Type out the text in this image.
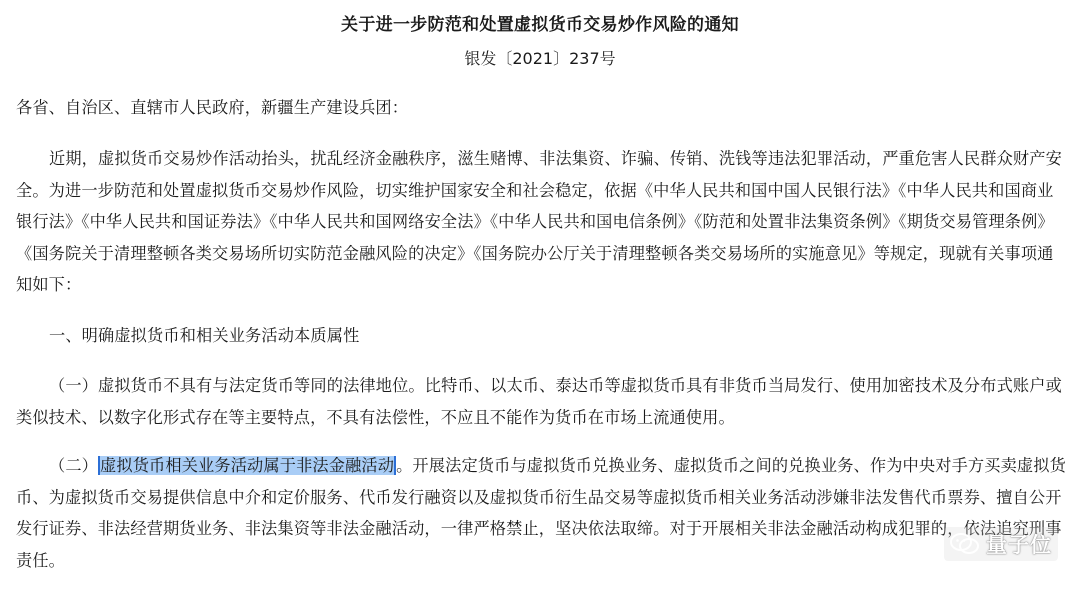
关于进一步防范和处置虚拟货币交易炒作风险的通知
银发〔2021〕237号

各省、自治区、直辖市人民政府，新疆生产建设兵团：

近期，虚拟货币交易炒作活动抬头，扰乱经济金融秩序，滋生赌博、非法集资、诈骗、传销、洗钱等违法犯罪活动，严重危害人民群众财产安全。为进一步防范和处置虚拟货币交易炒作风险，切实维护国家安全和社会稳定，依据《中华人民共和国中国人民银行法》《中华人民共和国商业银行法》《中华人民共和国证券法》《中华人民共和国网络安全法》《中华人民共和国电信条例》《防范和处置非法集资条例》《期货交易管理条例》《国务院关于清理整顿各类交易场所切实防范金融风险的决定》《国务院办公厅关于清理整顿各类交易场所的实施意见》等规定，现就有关事项通知如下：

一、明确虚拟货币和相关业务活动本质属性

（一）虚拟货币不具有与法定货币等同的法律地位。比特币、以太币、泰达币等虚拟货币具有非货币当局发行、使用加密技术及分布式账户或类似技术、以数字化形式存在等主要特点，不具有法偿性，不应且不能作为货币在市场上流通使用。

（二） 虚拟货币相关业务活动属于非法金融活动 。开展法定货币与虚拟货币兑换业务、虚拟货币之间的兑换业务、作为中央对手方买卖虚拟货币、为虚拟货币交易提供信息中介和定价服务、代币发行融资以及虚拟货币衍生品交易等虚拟货币相关业务活动涉嫌非法发售代币票券、擅自公开发行证券、非法经营期货业务、非法集资等非法金融活动，一律严格禁止，坚决依法取缔。对于开展相关非法金融活动构成犯罪的，依法追究刑事责任。

量子位
